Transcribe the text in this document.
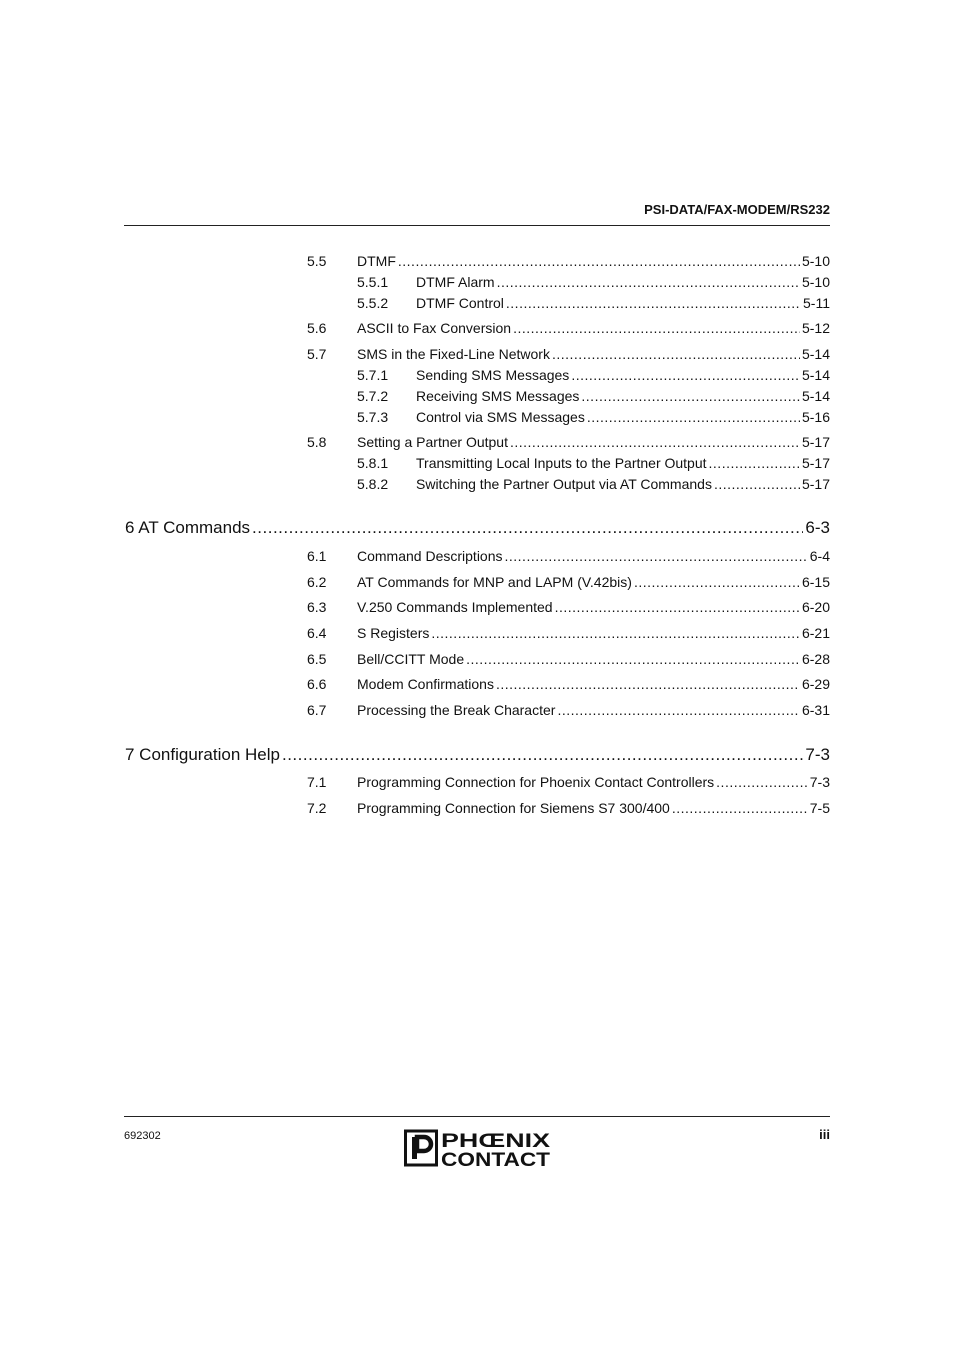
PSI-DATA/FAX-MODEM/RS232
5.5 DTMF .....	5-10
5.5.1 DTMF Alarm .....	5-10
5.5.2 DTMF Control .....	5-11
5.6 ASCII to Fax Conversion .....	5-12
5.7 SMS in the Fixed-Line Network .....	5-14
5.7.1 Sending SMS Messages .....	5-14
5.7.2 Receiving SMS Messages .....	5-14
5.7.3 Control via SMS Messages .....	5-16
5.8 Setting a Partner Output .....	5-17
5.8.1 Transmitting Local Inputs to the Partner Output .....	5-17
5.8.2 Switching the Partner Output via AT Commands .....	5-17
6 AT Commands .....	6-3
6.1 Command Descriptions .....	6-4
6.2 AT Commands for MNP and LAPM (V.42bis) .....	6-15
6.3 V.250 Commands Implemented .....	6-20
6.4 S Registers .....	6-21
6.5 Bell/CCITT Mode .....	6-28
6.6 Modem Confirmations .....	6-29
6.7 Processing the Break Character .....	6-31
7 Configuration Help .....	7-3
7.1 Programming Connection for Phoenix Contact Controllers .....	7-3
7.2 Programming Connection for Siemens S7 300/400 .....	7-5
692302	PHŒNIX
CONTACT
iii
